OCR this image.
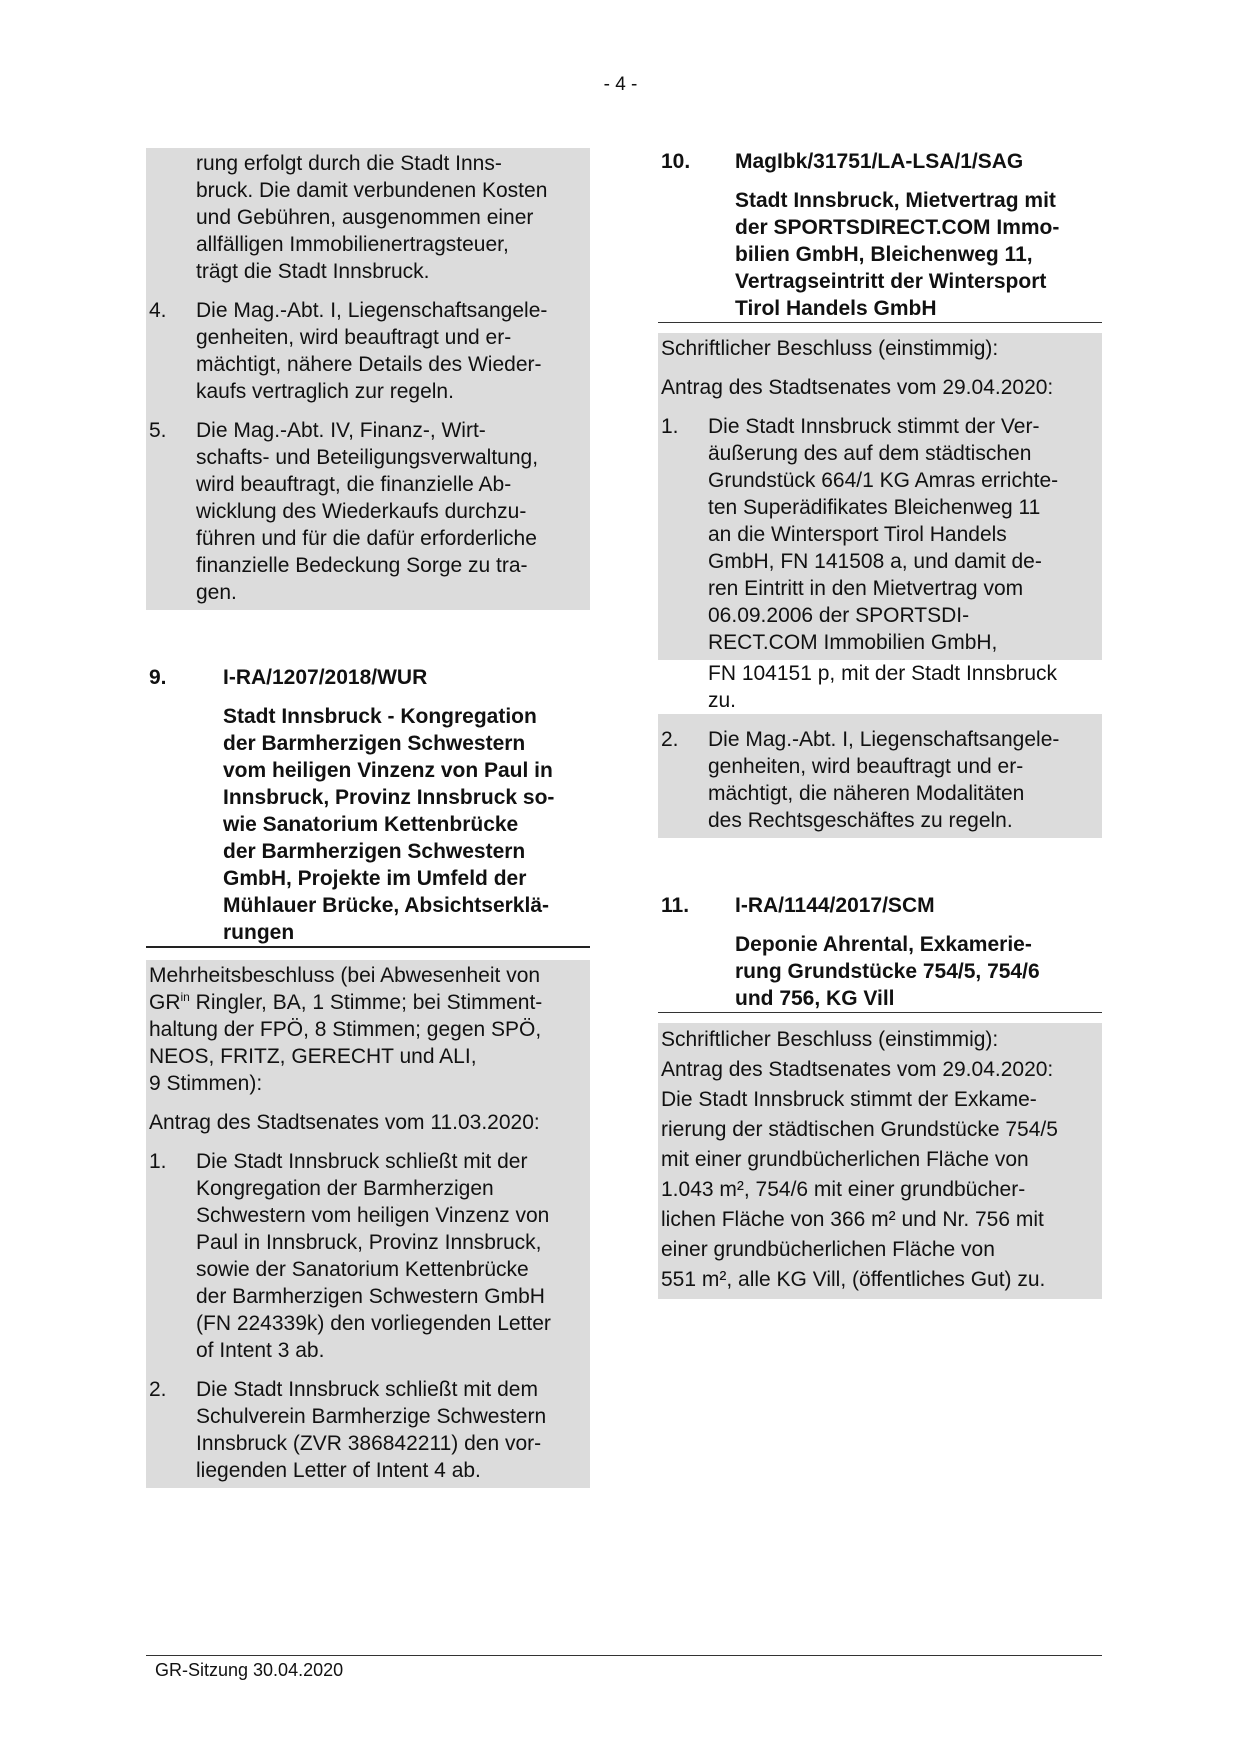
- 4 -
rung erfolgt durch die Stadt Inns-
bruck. Die damit verbundenen Kosten
und Gebühren, ausgenommen einer
allfälligen Immobilienertragsteuer,
trägt die Stadt Innsbruck.
4.	Die Mag.-Abt. I, Liegenschaftsangele-
genheiten, wird beauftragt und er-
mächtigt, nähere Details des Wieder-
kaufs vertraglich zur regeln.
5.	Die Mag.-Abt. IV, Finanz-, Wirt-
schafts- und Beteiligungsverwaltung,
wird beauftragt, die finanzielle Ab-
wicklung des Wiederkaufs durchzu-
führen und für die dafür erforderliche
finanzielle Bedeckung Sorge zu tra-
gen.
9.	I-RA/1207/2018/WUR
Stadt Innsbruck - Kongregation
der Barmherzigen Schwestern
vom heiligen Vinzenz von Paul in
Innsbruck, Provinz Innsbruck so-
wie Sanatorium Kettenbrücke
der Barmherzigen Schwestern
GmbH, Projekte im Umfeld der
Mühlauer Brücke, Absichtserklä-
rungen
Mehrheitsbeschluss (bei Abwesenheit von
$GR^{in}$ Ringler, BA, 1 Stimme; bei Stimment-
haltung der FPÖ, 8 Stimmen; gegen SPÖ,
NEOS, FRITZ, GERECHT und ALI,
9 Stimmen):
Antrag des Stadtsenates vom 11.03.2020:
1.	Die Stadt Innsbruck schließt mit der
Kongregation der Barmherzigen
Schwestern vom heiligen Vinzenz von
Paul in Innsbruck, Provinz Innsbruck,
sowie der Sanatorium Kettenbrücke
der Barmherzigen Schwestern GmbH
(FN 224339k) den vorliegenden Letter
of Intent 3 ab.
2.	Die Stadt Innsbruck schließt mit dem
Schulverein Barmherzige Schwestern
Innsbruck (ZVR 386842211) den vor-
liegenden Letter of Intent 4 ab.
10.	MagIbk/31751/LA-LSA/1/SAG
Stadt Innsbruck, Mietvertrag mit
der SPORTSDIRECT.COM Immo-
bilien GmbH, Bleichenweg 11,
Vertragseintritt der Wintersport
Tirol Handels GmbH
Schriftlicher Beschluss (einstimmig):
Antrag des Stadtsenates vom 29.04.2020:
1.	Die Stadt Innsbruck stimmt der Ver-
äußerung des auf dem städtischen
Grundstück 664/1 KG Amras errichte-
ten Superädifikates Bleichenweg 11
an die Wintersport Tirol Handels
GmbH, FN 141508 a, und damit de-
ren Eintritt in den Mietvertrag vom
06.09.2006 der SPORTSDI-
RECT.COM Immobilien GmbH,
FN 104151 p, mit der Stadt Innsbruck
zu.
2.	Die Mag.-Abt. I, Liegenschaftsangele-
genheiten, wird beauftragt und er-
mächtigt, die näheren Modalitäten
des Rechtsgeschäftes zu regeln.
11.	I-RA/1144/2017/SCM
Deponie Ahrental, Exkamerie-
rung Grundstücke 754/5, 754/6
und 756, KG Vill
Schriftlicher Beschluss (einstimmig):
Antrag des Stadtsenates vom 29.04.2020:
Die Stadt Innsbruck stimmt der Exkame-
rierung der städtischen Grundstücke 754/5
mit einer grundbücherlichen Fläche von
1.043 m², 754/6 mit einer grundbücher-
lichen Fläche von 366 m² und Nr. 756 mit
einer grundbücherlichen Fläche von
551 m², alle KG Vill, (öffentliches Gut) zu.
GR-Sitzung 30.04.2020
